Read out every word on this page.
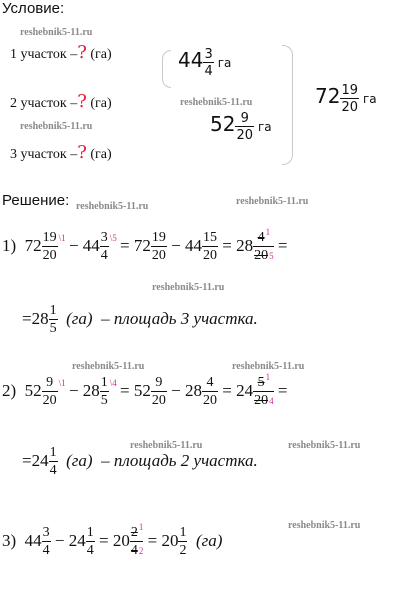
Условие:
reshebnik5-11.ru
1 участок –? (га)
2 участок –? (га)
reshebnik5-11.ru
3 участок –? (га)
$44 \frac{3}{4}$ га
reshebnik5-11.ru
$52 \frac{9}{20}$ га
$72 \frac{19}{20}$ га
Решение: reshebnik5-11.ru	reshebnik5-11.ru
1) $72 \frac{19}{20} ^{\backslash 1} - 44 \frac{3}{4} ^{\backslash 5} = 72 \frac{19}{20} - 44 \frac{15}{20} = 28 \frac{4^1}{205}$ =
reshebnik5-11.ru
$=28 \frac{1}{5} (га)$ – площадь 3 участка.
reshebnik5-11.ru	reshebnik5-11.ru
2) $52 \frac{9}{20} ^{\backslash 1} - 28 \frac{1}{5} ^{\backslash 4} = 52 \frac{9}{20} - 28 \frac{4}{20} = 24 \frac{5^1}{204}$ =
reshebnik5-11.ru	reshebnik5-11.ru
$=24 \frac{1}{4} (га)$ – площадь 2 участка.
reshebnik5-11.ru
3) $44 \frac{3}{4} - 24 \frac{1}{4} = 20 \frac{2^1}{42} = 20 \frac{1}{2} (га)$
